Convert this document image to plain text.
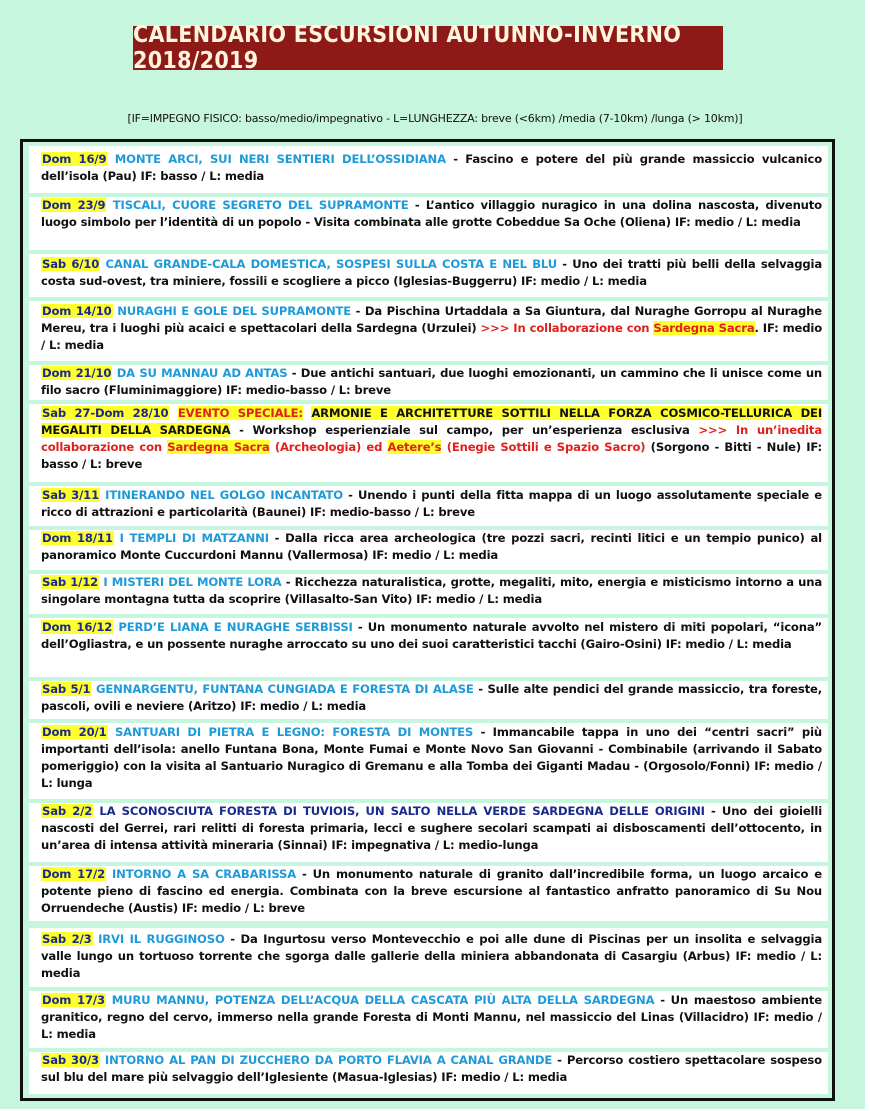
CALENDARIO ESCURSIONI AUTUNNO-INVERNO 2018/2019
[IF=IMPEGNO FISICO: basso/medio/impegnativo - L=LUNGHEZZA: breve (<6km) /media (7-10km) /lunga (> 10km)]
Dom 16/9 MONTE ARCI, SUI NERI SENTIERI DELL’OSSIDIANA - Fascino e potere del più grande massiccio vulcanico dell’isola (Pau) IF: basso / L: media
Dom 23/9 TISCALI, CUORE SEGRETO DEL SUPRAMONTE - L’antico villaggio nuragico in una dolina nascosta, divenuto luogo simbolo per l’identità di un popolo - Visita combinata alle grotte Cobeddue Sa Oche (Oliena) IF: medio / L: media
Sab 6/10 CANAL GRANDE-CALA DOMESTICA, SOSPESI SULLA COSTA E NEL BLU - Uno dei tratti più belli della selvaggia costa sud-ovest, tra miniere, fossili e scogliere a picco (Iglesias-Buggerru) IF: medio / L: media
Dom 14/10 NURAGHI E GOLE DEL SUPRAMONTE - Da Pischina Urtaddala a Sa Giuntura, dal Nuraghe Gorropu al Nuraghe Mereu, tra i luoghi più acaici e spettacolari della Sardegna (Urzulei) >>> In collaborazione con Sardegna Sacra. IF: medio / L: media
Dom 21/10 DA SU MANNAU AD ANTAS - Due antichi santuari, due luoghi emozionanti, un cammino che li unisce come un filo sacro (Fluminimaggiore) IF: medio-basso / L: breve
Sab 27-Dom 28/10 EVENTO SPECIALE: ARMONIE E ARCHITETTURE SOTTILI NELLA FORZA COSMICO-TELLURICA DEI MEGALITI DELLA SARDEGNA - Workshop esperienziale sul campo, per un’esperienza esclusiva >>> In un’inedita collaborazione con Sardegna Sacra (Archeologia) ed Aetere’s (Enegie Sottili e Spazio Sacro) (Sorgono - Bitti - Nule) IF: basso / L: breve
Sab 3/11 ITINERANDO NEL GOLGO INCANTATO - Unendo i punti della fitta mappa di un luogo assolutamente speciale e ricco di attrazioni e particolarità (Baunei) IF: medio-basso / L: breve
Dom 18/11 I TEMPLI DI MATZANNI - Dalla ricca area archeologica (tre pozzi sacri, recinti litici e un tempio punico) al panoramico Monte Cuccurdoni Mannu (Vallermosa) IF: medio / L: media
Sab 1/12 I MISTERI DEL MONTE LORA - Ricchezza naturalistica, grotte, megaliti, mito, energia e misticismo intorno a una singolare montagna tutta da scoprire (Villasalto-San Vito) IF: medio / L: media
Dom 16/12 PERD’E LIANA E NURAGHE SERBISSI - Un monumento naturale avvolto nel mistero di miti popolari, “icona” dell’Ogliastra, e un possente nuraghe arroccato su uno dei suoi caratteristici tacchi (Gairo-Osini) IF: medio / L: media
Sab 5/1 GENNARGENTU, FUNTANA CUNGIADA E FORESTA DI ALASE - Sulle alte pendici del grande massiccio, tra foreste, pascoli, ovili e neviere (Aritzo) IF: medio / L: media
Dom 20/1 SANTUARI DI PIETRA E LEGNO: FORESTA DI MONTES - Immancabile tappa in uno dei “centri sacri” più importanti dell’isola: anello Funtana Bona, Monte Fumai e Monte Novo San Giovanni - Combinabile (arrivando il Sabato pomeriggio) con la visita al Santuario Nuragico di Gremanu e alla Tomba dei Giganti Madau - (Orgosolo/Fonni) IF: medio / L: lunga
Sab 2/2 LA SCONOSCIUTA FORESTA DI TUVIOIS, UN SALTO NELLA VERDE SARDEGNA DELLE ORIGINI - Uno dei gioielli nascosti del Gerrei, rari relitti di foresta primaria, lecci e sughere secolari scampati ai disboscamenti dell’ottocento, in un’area di intensa attività mineraria (Sinnai) IF: impegnativa / L: medio-lunga
Dom 17/2 INTORNO A SA CRABARISSA - Un monumento naturale di granito dall’incredibile forma, un luogo arcaico e potente pieno di fascino ed energia. Combinata con la breve escursione al fantastico anfratto panoramico di Su Nou Orruendeche (Austis) IF: medio / L: breve
Sab 2/3 IRVI IL RUGGINOSO - Da Ingurtosu verso Montevecchio e poi alle dune di Piscinas per un insolita e selvaggia valle lungo un tortuoso torrente che sgorga dalle gallerie della miniera abbandonata di Casargiu (Arbus) IF: medio / L: media
Dom 17/3 MURU MANNU, POTENZA DELL’ACQUA DELLA CASCATA PIÙ ALTA DELLA SARDEGNA - Un maestoso ambiente granitico, regno del cervo, immerso nella grande Foresta di Monti Mannu, nel massiccio del Linas (Villacidro) IF: medio / L: media
Sab 30/3 INTORNO AL PAN DI ZUCCHERO DA PORTO FLAVIA A CANAL GRANDE - Percorso costiero spettacolare sospeso sul blu del mare più selvaggio dell’Iglesiente (Masua-Iglesias) IF: medio / L: media
